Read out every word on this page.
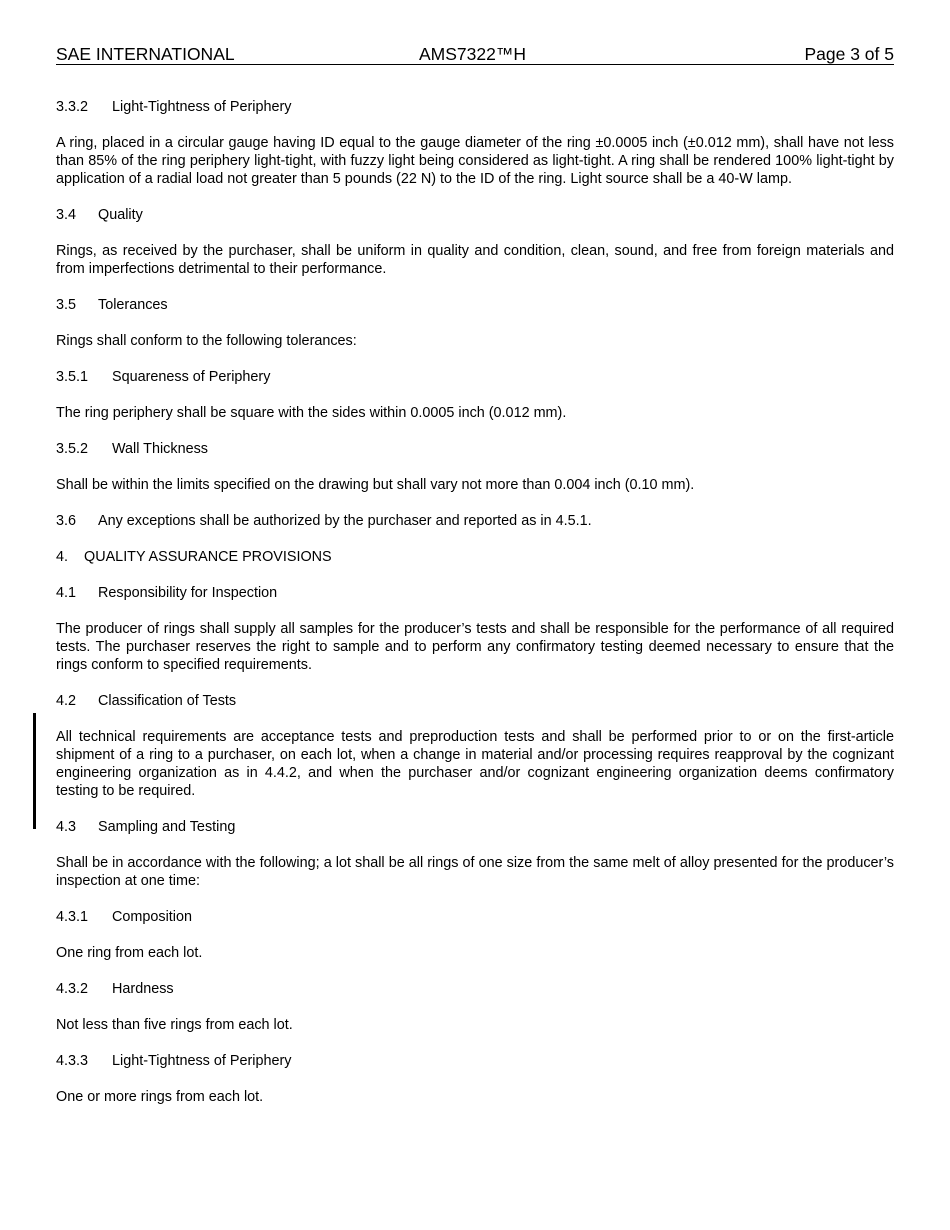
SAE INTERNATIONAL	AMS7322™H	Page 3 of 5
3.3.2 Light-Tightness of Periphery
A ring, placed in a circular gauge having ID equal to the gauge diameter of the ring ±0.0005 inch (±0.012 mm), shall have not less than 85% of the ring periphery light-tight, with fuzzy light being considered as light-tight. A ring shall be rendered 100% light-tight by application of a radial load not greater than 5 pounds (22 N) to the ID of the ring. Light source shall be a 40-W lamp.
3.4 Quality
Rings, as received by the purchaser, shall be uniform in quality and condition, clean, sound, and free from foreign materials and from imperfections detrimental to their performance.
3.5 Tolerances
Rings shall conform to the following tolerances:
3.5.1 Squareness of Periphery
The ring periphery shall be square with the sides within 0.0005 inch (0.012 mm).
3.5.2 Wall Thickness
Shall be within the limits specified on the drawing but shall vary not more than 0.004 inch (0.10 mm).
3.6 Any exceptions shall be authorized by the purchaser and reported as in 4.5.1.
4. QUALITY ASSURANCE PROVISIONS
4.1 Responsibility for Inspection
The producer of rings shall supply all samples for the producer’s tests and shall be responsible for the performance of all required tests. The purchaser reserves the right to sample and to perform any confirmatory testing deemed necessary to ensure that the rings conform to specified requirements.
4.2 Classification of Tests
All technical requirements are acceptance tests and preproduction tests and shall be performed prior to or on the first-article shipment of a ring to a purchaser, on each lot, when a change in material and/or processing requires reapproval by the cognizant engineering organization as in 4.4.2, and when the purchaser and/or cognizant engineering organization deems confirmatory testing to be required.
4.3 Sampling and Testing
Shall be in accordance with the following; a lot shall be all rings of one size from the same melt of alloy presented for the producer’s inspection at one time:
4.3.1 Composition
One ring from each lot.
4.3.2 Hardness
Not less than five rings from each lot.
4.3.3 Light-Tightness of Periphery
One or more rings from each lot.
